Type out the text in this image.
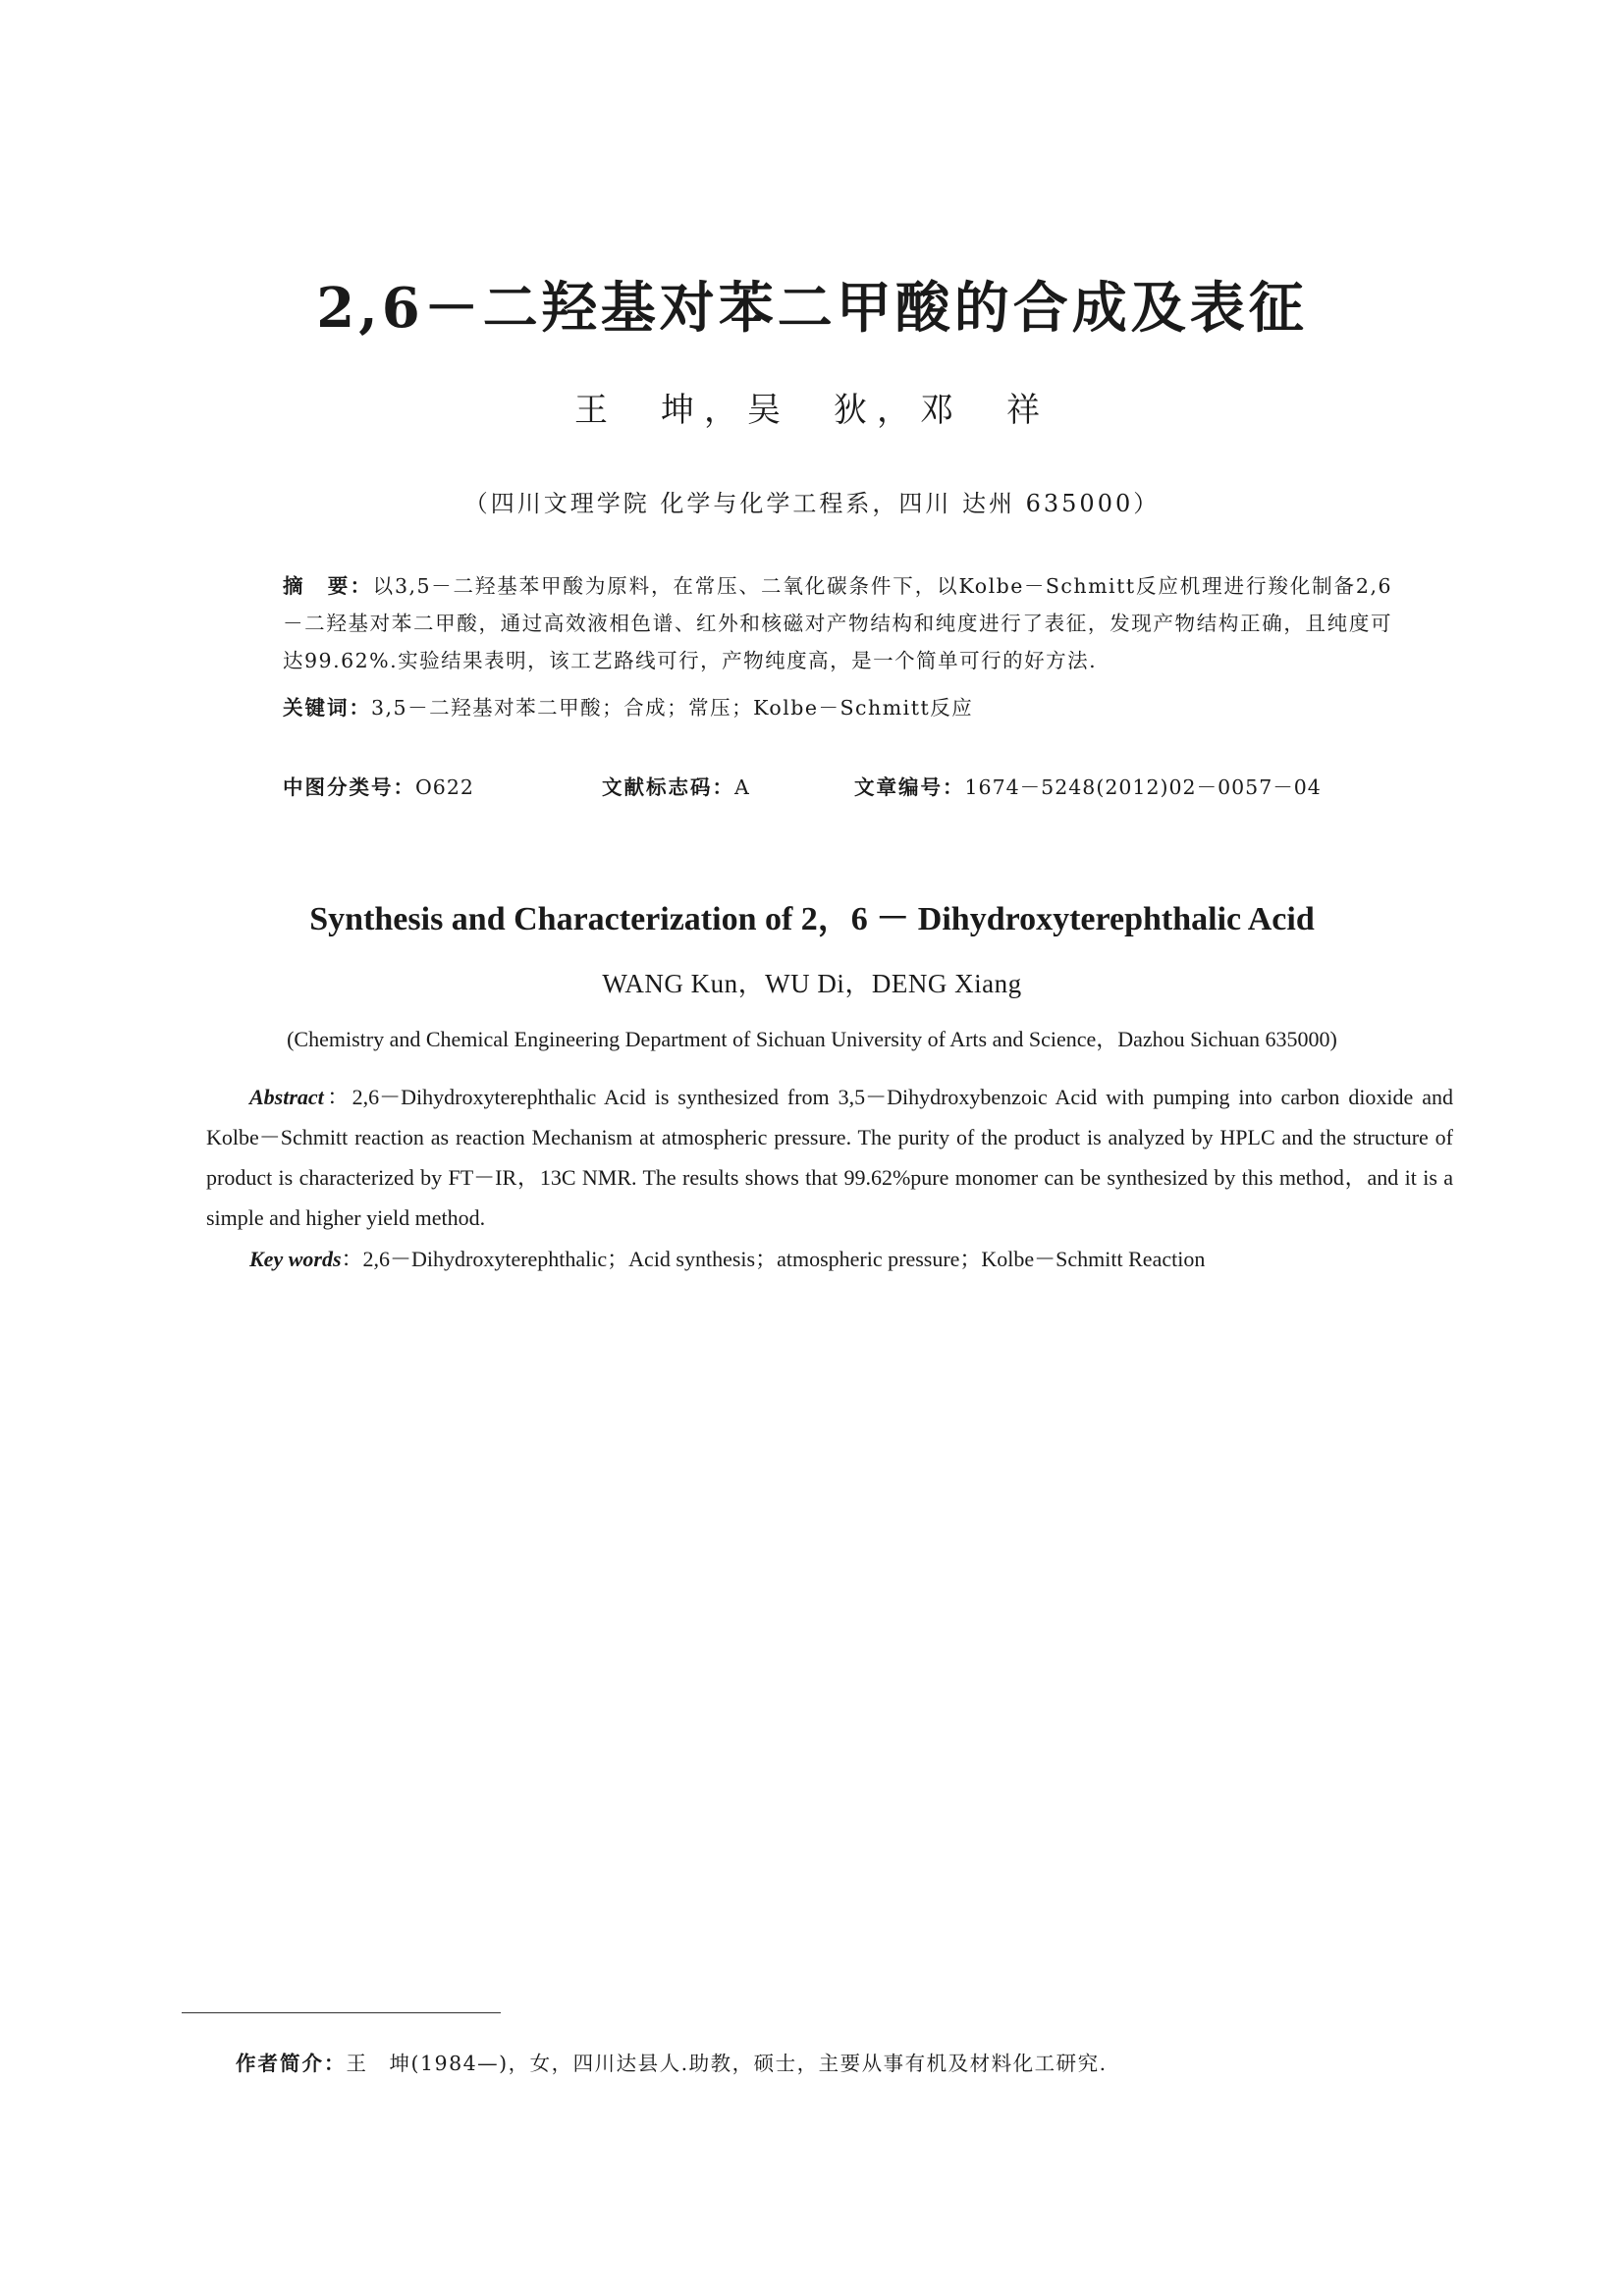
2,6－二羟基对苯二甲酸的合成及表征
王　坤，吴　狄，邓　祥
（四川文理学院 化学与化学工程系，四川 达州 635000）
摘　要：以3,5－二羟基苯甲酸为原料，在常压、二氧化碳条件下，以Kolbe－Schmitt反应机理进行羧化制备2,6－二羟基对苯二甲酸，通过高效液相色谱、红外和核磁对产物结构和纯度进行了表征，发现产物结构正确，且纯度可达99.62%.实验结果表明，该工艺路线可行，产物纯度高，是一个简单可行的好方法.
关键词：3,5－二羟基对苯二甲酸；合成；常压；Kolbe－Schmitt反应
中图分类号：O622	文献标志码：A	文章编号：1674－5248(2012)02－0057－04
Synthesis and Characterization of 2，6 － Dihydroxyterephthalic Acid
WANG Kun，WU Di，DENG Xiang
(Chemistry and Chemical Engineering Department of Sichuan University of Arts and Science，Dazhou Sichuan 635000)
Abstract：2,6－Dihydroxyterephthalic Acid is synthesized from 3,5－Dihydroxybenzoic Acid with pumping into carbon dioxide and Kolbe－Schmitt reaction as reaction Mechanism at atmospheric pressure. The purity of the product is analyzed by HPLC and the structure of product is characterized by FT－IR，13C NMR. The results shows that 99.62%pure monomer can be synthesized by this method，and it is a simple and higher yield method.
Key words：2,6－Dihydroxyterephthalic；Acid synthesis；atmospheric pressure；Kolbe－Schmitt Reaction
作者简介：王　坤(1984—)，女，四川达县人.助教，硕士，主要从事有机及材料化工研究.
